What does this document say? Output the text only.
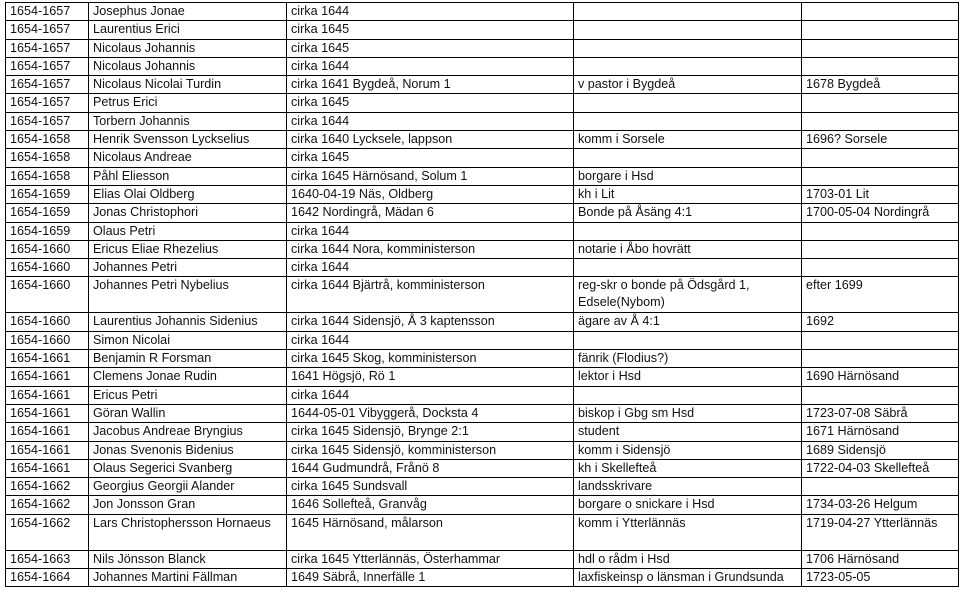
1654-1657	Josephus Jonae	cirka 1644		
1654-1657	Laurentius Erici	cirka 1645		
1654-1657	Nicolaus Johannis	cirka 1645		
1654-1657	Nicolaus Johannis	cirka 1644		
1654-1657	Nicolaus Nicolai Turdin	cirka 1641 Bygdeå, Norum 1	v pastor i Bygdeå	1678 Bygdeå
1654-1657	Petrus Erici	cirka 1645		
1654-1657	Torbern Johannis	cirka 1644		
1654-1658	Henrik Svensson Lyckselius	cirka 1640 Lycksele, lappson	komm i Sorsele	1696? Sorsele
1654-1658	Nicolaus Andreae	cirka 1645		
1654-1658	Påhl Eliesson	cirka 1645 Härnösand, Solum 1	borgare i Hsd	
1654-1659	Elias Olai Oldberg	1640-04-19 Näs, Oldberg	kh i Lit	1703-01 Lit
1654-1659	Jonas Christophori	1642 Nordingrå, Mädan 6	Bonde på Åsäng 4:1	1700-05-04 Nordingrå
1654-1659	Olaus Petri	cirka 1644		
1654-1660	Ericus Eliae Rhezelius	cirka 1644 Nora, komministerson	notarie i Åbo hovrätt	
1654-1660	Johannes Petri	cirka 1644		
1654-1660	Johannes Petri Nybelius	cirka 1644 Bjärtrå, komministerson	reg-skr o bonde på Ödsgård 1, Edsele(Nybom)	efter 1699
1654-1660	Laurentius Johannis Sidenius	cirka 1644 Sidensjö, Å 3 kaptensson	ägare av Å 4:1	1692
1654-1660	Simon Nicolai	cirka 1644		
1654-1661	Benjamin R Forsman	cirka 1645 Skog, komministerson	fänrik (Flodius?)	
1654-1661	Clemens Jonae Rudin	1641 Högsjö, Rö 1	lektor i Hsd	1690 Härnösand
1654-1661	Ericus Petri	cirka 1644		
1654-1661	Göran Wallin	1644-05-01 Vibyggerå, Docksta 4	biskop i Gbg sm Hsd	1723-07-08 Säbrå
1654-1661	Jacobus Andreae Bryngius	cirka 1645 Sidensjö, Brynge 2:1	student	1671 Härnösand
1654-1661	Jonas Svenonis Bidenius	cirka 1645 Sidensjö, komministerson	komm i Sidensjö	1689 Sidensjö
1654-1661	Olaus Segerici Svanberg	1644 Gudmundrå, Frånö 8	kh i Skellefteå	1722-04-03 Skellefteå
1654-1662	Georgius Georgii Alander	cirka 1645 Sundsvall	landsskrivare	
1654-1662	Jon Jonsson Gran	1646 Sollefteå, Granvåg	borgare o snickare i Hsd	1734-03-26 Helgum
1654-1662	Lars Christophersson Hornaeus	1645 Härnösand, målarson	komm i Ytterlännäs	1719-04-27 Ytterlännäs
1654-1663	Nils Jönsson Blanck	cirka 1645 Ytterlännäs, Österhammar	hdl o rådm i Hsd	1706 Härnösand
1654-1664	Johannes Martini Fällman	1649 Säbrå, Innerfälle 1	laxfiskeinsp o länsman i Grundsunda	1723-05-05
